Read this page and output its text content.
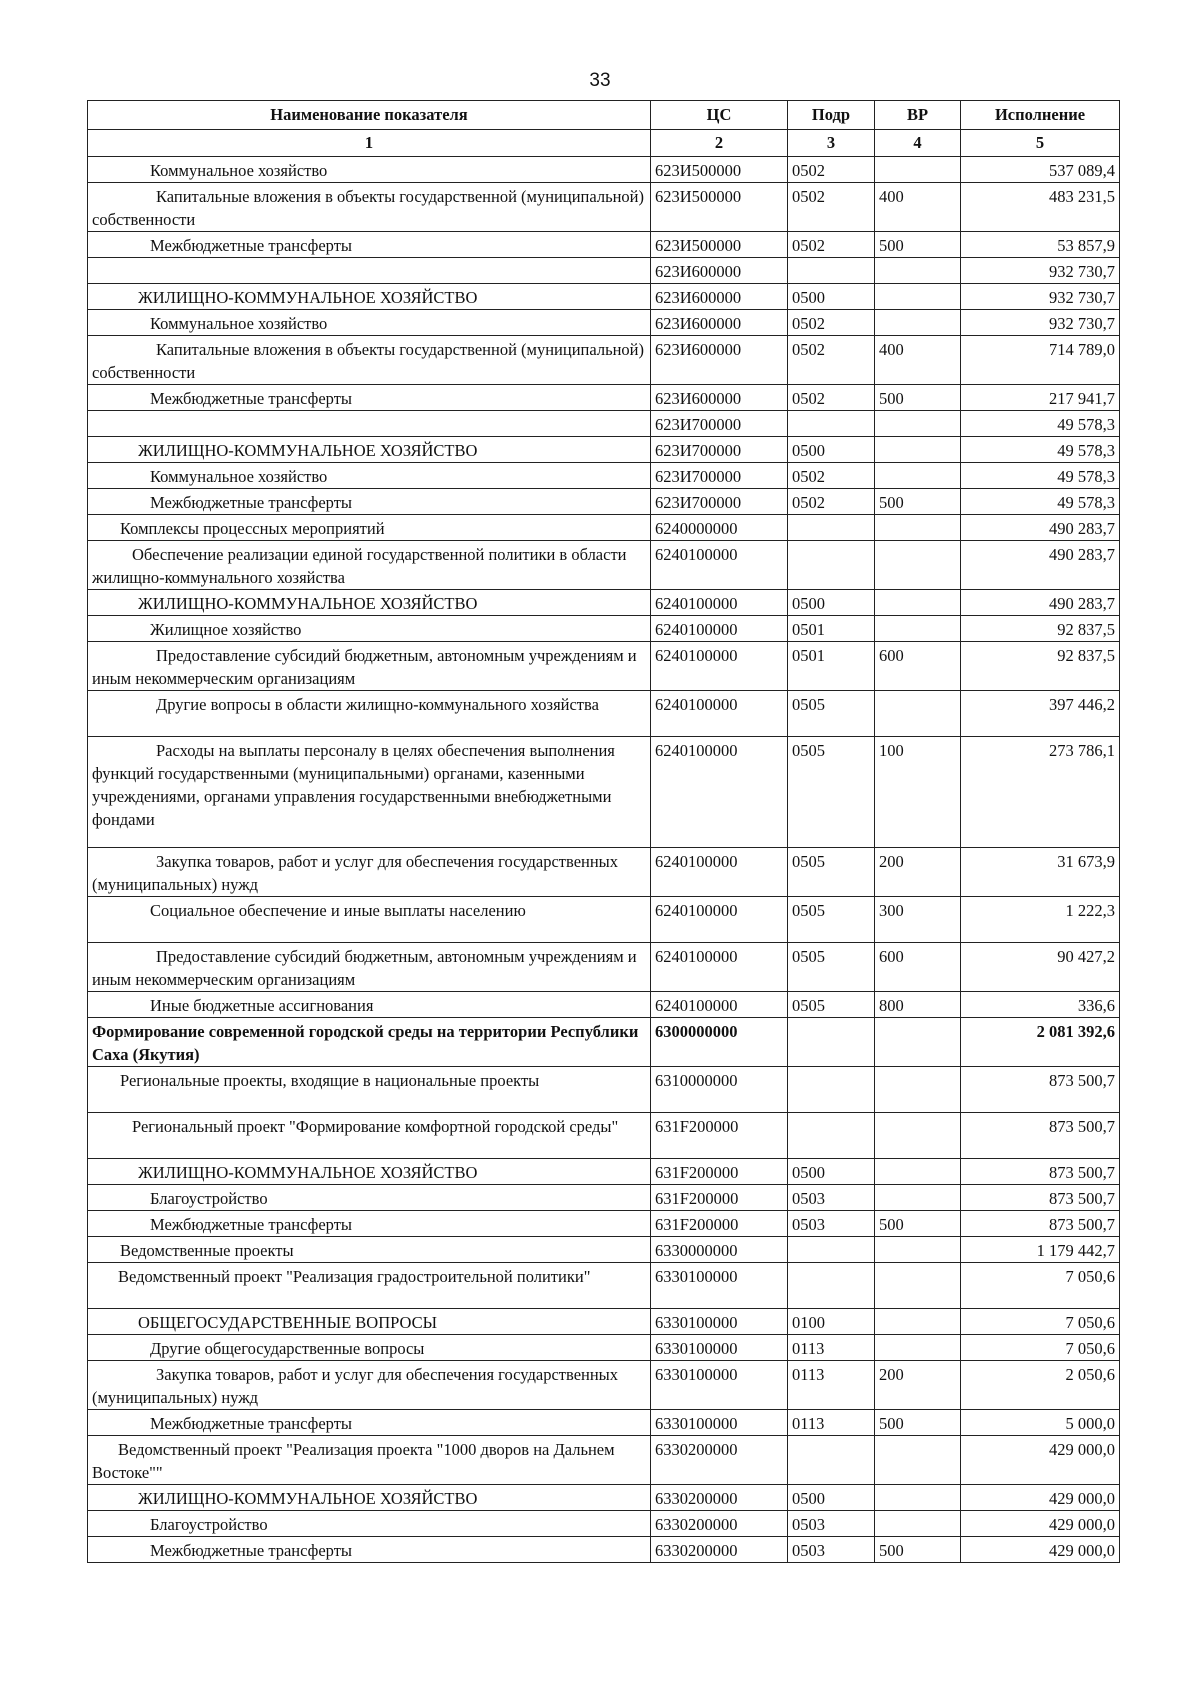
33
Наименование показателя	ЦС	Подр	ВР	Исполнение
1	2	3	4	5
Коммунальное хозяйство	623И500000	0502		537 089,4
Капитальные вложения в объекты государственной (муниципальной) собственности	623И500000	0502	400	483 231,5
Межбюджетные трансферты	623И500000	0502	500	53 857,9
	623И600000			932 730,7
ЖИЛИЩНО-КОММУНАЛЬНОЕ ХОЗЯЙСТВО	623И600000	0500		932 730,7
Коммунальное хозяйство	623И600000	0502		932 730,7
Капитальные вложения в объекты государственной (муниципальной) собственности	623И600000	0502	400	714 789,0
Межбюджетные трансферты	623И600000	0502	500	217 941,7
	623И700000			49 578,3
ЖИЛИЩНО-КОММУНАЛЬНОЕ ХОЗЯЙСТВО	623И700000	0500		49 578,3
Коммунальное хозяйство	623И700000	0502		49 578,3
Межбюджетные трансферты	623И700000	0502	500	49 578,3
Комплексы процессных мероприятий	6240000000			490 283,7
Обеспечение реализации единой государственной политики в области жилищно-коммунального хозяйства	6240100000			490 283,7
ЖИЛИЩНО-КОММУНАЛЬНОЕ ХОЗЯЙСТВО	6240100000	0500		490 283,7
Жилищное хозяйство	6240100000	0501		92 837,5
Предоставление субсидий бюджетным, автономным учреждениям и иным некоммерческим организациям	6240100000	0501	600	92 837,5
Другие вопросы в области жилищно-коммунального хозяйства	6240100000	0505		397 446,2
Расходы на выплаты персоналу в целях обеспечения выполнения функций государственными (муниципальными) органами, казенными учреждениями, органами управления государственными внебюджетными фондами	6240100000	0505	100	273 786,1
Закупка товаров, работ и услуг для обеспечения государственных (муниципальных) нужд	6240100000	0505	200	31 673,9
Социальное обеспечение и иные выплаты населению	6240100000	0505	300	1 222,3
Предоставление субсидий бюджетным, автономным учреждениям и иным некоммерческим организациям	6240100000	0505	600	90 427,2
Иные бюджетные ассигнования	6240100000	0505	800	336,6
Формирование современной городской среды на территории Республики Саха (Якутия)	6300000000			2 081 392,6
Региональные проекты, входящие в национальные проекты	6310000000			873 500,7
Региональный проект "Формирование комфортной городской среды"	631F200000			873 500,7
ЖИЛИЩНО-КОММУНАЛЬНОЕ ХОЗЯЙСТВО	631F200000	0500		873 500,7
Благоустройство	631F200000	0503		873 500,7
Межбюджетные трансферты	631F200000	0503	500	873 500,7
Ведомственные проекты	6330000000			1 179 442,7
Ведомственный проект "Реализация градостроительной политики"	6330100000			7 050,6
ОБЩЕГОСУДАРСТВЕННЫЕ ВОПРОСЫ	6330100000	0100		7 050,6
Другие общегосударственные вопросы	6330100000	0113		7 050,6
Закупка товаров, работ и услуг для обеспечения государственных (муниципальных) нужд	6330100000	0113	200	2 050,6
Межбюджетные трансферты	6330100000	0113	500	5 000,0
Ведомственный проект "Реализация проекта "1000 дворов на Дальнем Востоке""	6330200000			429 000,0
ЖИЛИЩНО-КОММУНАЛЬНОЕ ХОЗЯЙСТВО	6330200000	0500		429 000,0
Благоустройство	6330200000	0503		429 000,0
Межбюджетные трансферты	6330200000	0503	500	429 000,0
